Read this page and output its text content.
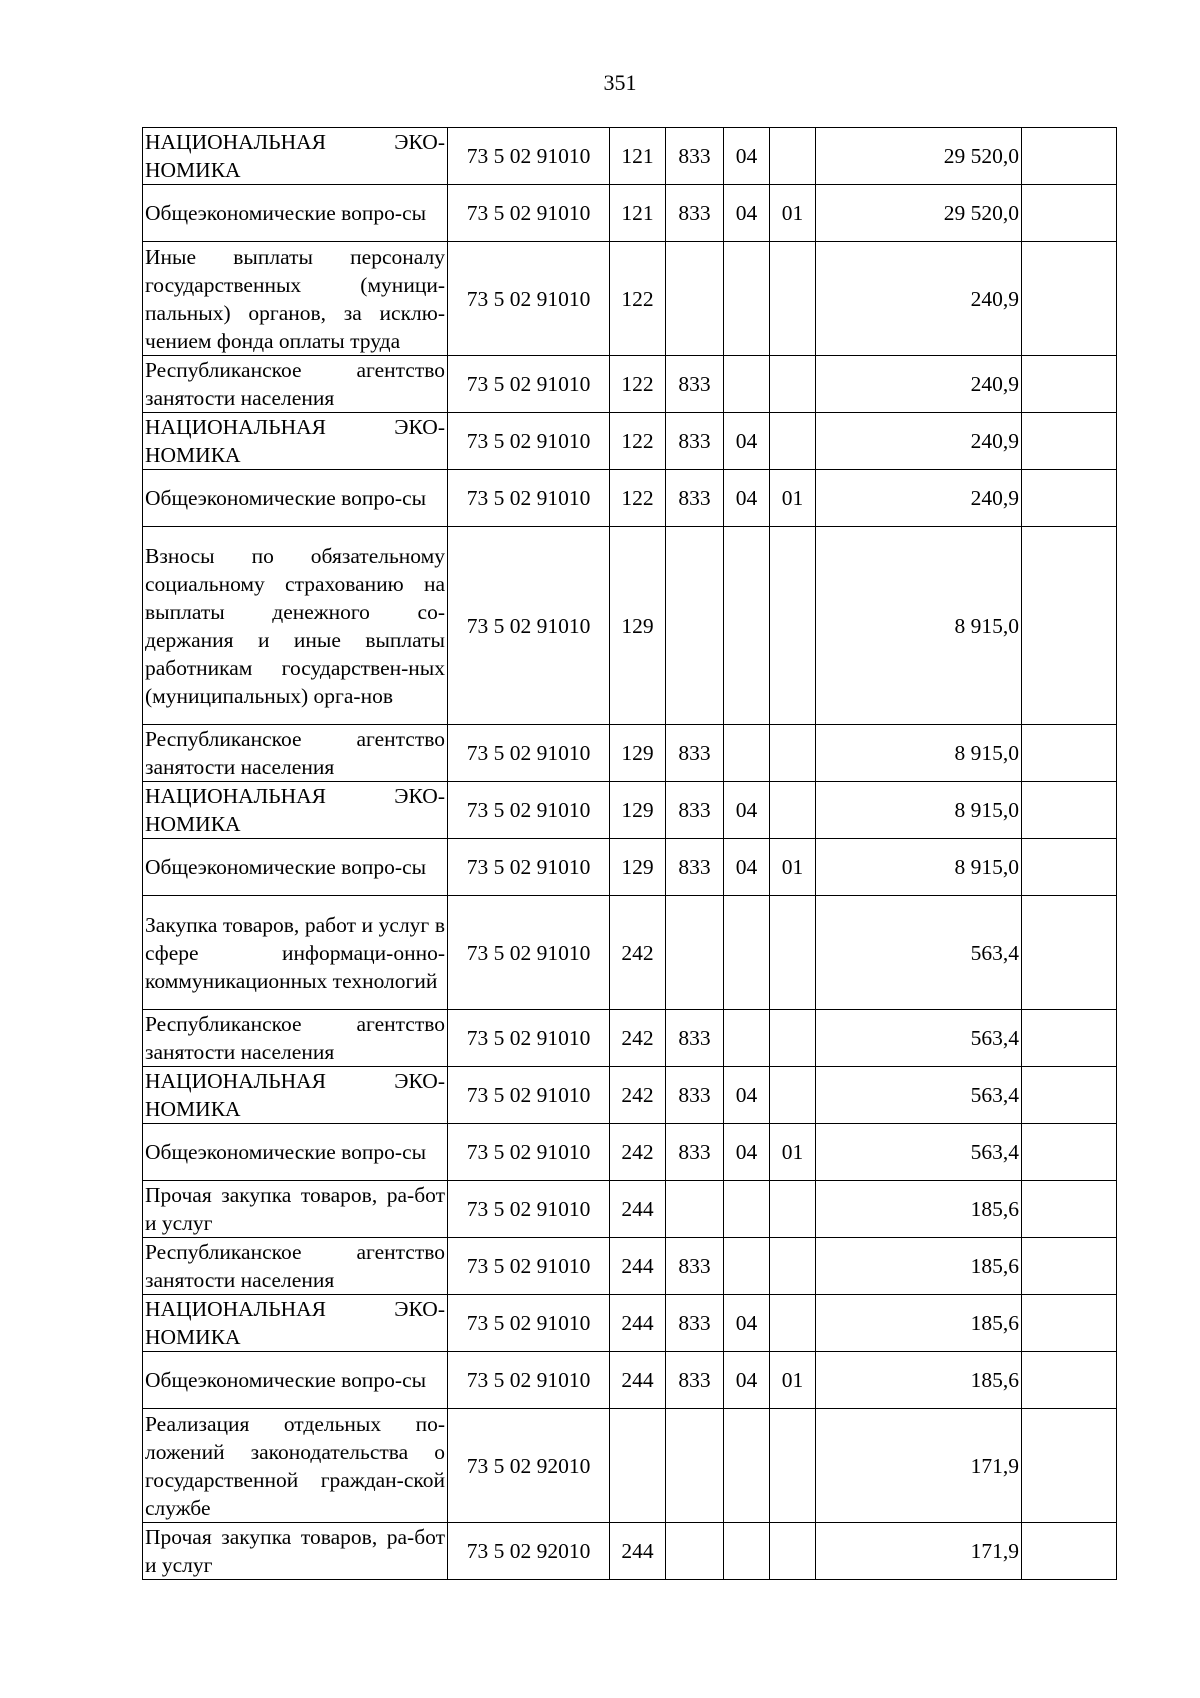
351
НАЦИОНАЛЬНАЯ ЭКО-НОМИКА	73 5 02 91010	121	833	04		29 520,0	
Общеэкономические вопро-сы	73 5 02 91010	121	833	04	01	29 520,0	
Иные выплаты персоналу государственных (муници-пальных) органов, за исклю-чением фонда оплаты труда	73 5 02 91010	122				240,9	
Республиканское агентство занятости населения	73 5 02 91010	122	833			240,9	
НАЦИОНАЛЬНАЯ ЭКО-НОМИКА	73 5 02 91010	122	833	04		240,9	
Общеэкономические вопро-сы	73 5 02 91010	122	833	04	01	240,9	
Взносы по обязательному социальному страхованию на выплаты денежного со-держания и иные выплаты работникам государствен-ных (муниципальных) орга-нов	73 5 02 91010	129				8 915,0	
Республиканское агентство занятости населения	73 5 02 91010	129	833			8 915,0	
НАЦИОНАЛЬНАЯ ЭКО-НОМИКА	73 5 02 91010	129	833	04		8 915,0	
Общеэкономические вопро-сы	73 5 02 91010	129	833	04	01	8 915,0	
Закупка товаров, работ и услуг в сфере информаци-онно-коммуникационных технологий	73 5 02 91010	242				563,4	
Республиканское агентство занятости населения	73 5 02 91010	242	833			563,4	
НАЦИОНАЛЬНАЯ ЭКО-НОМИКА	73 5 02 91010	242	833	04		563,4	
Общеэкономические вопро-сы	73 5 02 91010	242	833	04	01	563,4	
Прочая закупка товаров, ра-бот и услуг	73 5 02 91010	244				185,6	
Республиканское агентство занятости населения	73 5 02 91010	244	833			185,6	
НАЦИОНАЛЬНАЯ ЭКО-НОМИКА	73 5 02 91010	244	833	04		185,6	
Общеэкономические вопро-сы	73 5 02 91010	244	833	04	01	185,6	
Реализация отдельных по-ложений законодательства о государственной граждан-ской службе	73 5 02 92010					171,9	
Прочая закупка товаров, ра-бот и услуг	73 5 02 92010	244				171,9	
